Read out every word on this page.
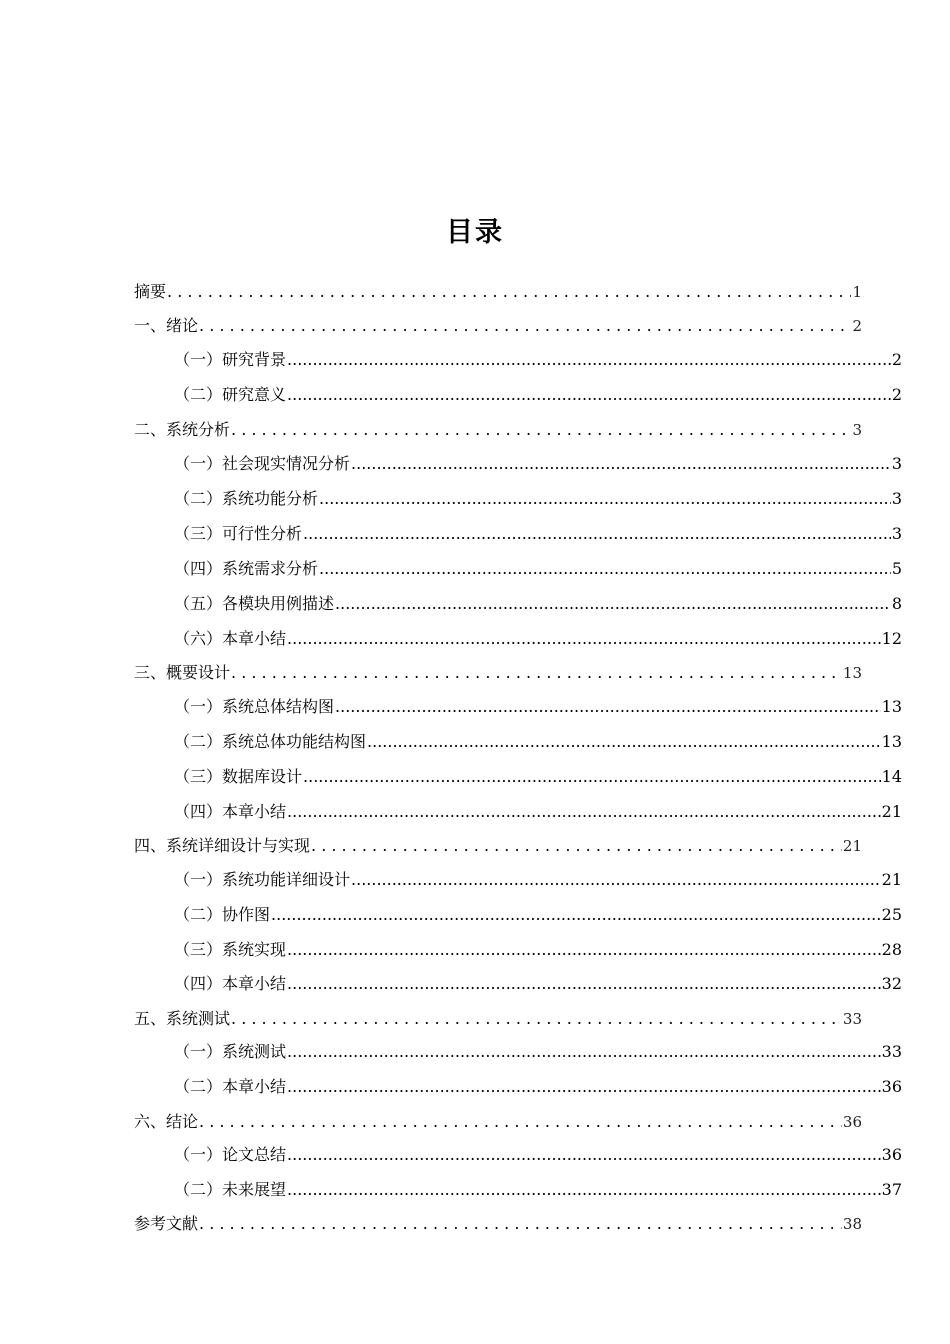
目录
摘要 . . .	1
一、绪论 . . .	2
（一）研究背景 .....	2
（二）研究意义 .....	2
二、系统分析 . . .	3
（一）社会现实情况分析 .....	3
（二）系统功能分析 .....	3
（三）可行性分析 .....	3
（四）系统需求分析 .....	5
（五）各模块用例描述 .....	8
（六）本章小结 .....	12
三、概要设计 . . .	13
（一）系统总体结构图 .....	13
（二）系统总体功能结构图 .....	13
（三）数据库设计 .....	14
（四）本章小结 .....	21
四、系统详细设计与实现 . . .	21
（一）系统功能详细设计 .....	21
（二）协作图 .....	25
（三）系统实现 .....	28
（四）本章小结 .....	32
五、系统测试 . . .	33
（一）系统测试 .....	33
（二）本章小结 .....	36
六、结论 . . .	36
（一）论文总结 .....	36
（二）未来展望 .....	37
参考文献 . . .	38
